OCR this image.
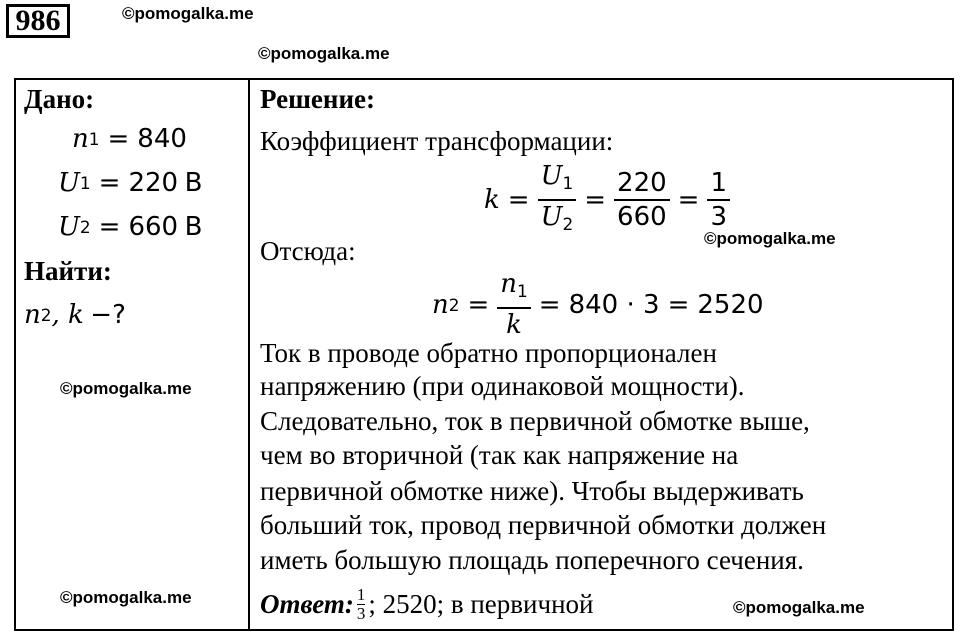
986	©pomogalka.me
©pomogalka.me
©pomogalka.me
©pomogalka.me
©pomogalka.me
©pomogalka.me
Дано:
n 1 = 840
U 1 = 220
В
U 2 = 660
В
Найти:
n 2 , k
−?
Решение:
Коэффициент трансформации:
$k = \frac{U_1}{U_2} = \frac{220}{660} = \frac{1}{3}$
Отсюда:
n $2 = \frac{n_1}{k} = 840 \cdot 3 = 2520$
Ток в проводе обратно пропорционален
напряжению (при одинаковой мощности).
Следовательно, ток в первичной обмотке выше,
чем во вторичной (так как напряжение на
первичной обмотке ниже). Чтобы выдерживать
больший ток, провод первичной обмотки должен
иметь большую площадь поперечного сечения.
Ответ: 1
3 ; 2520; в первичной
